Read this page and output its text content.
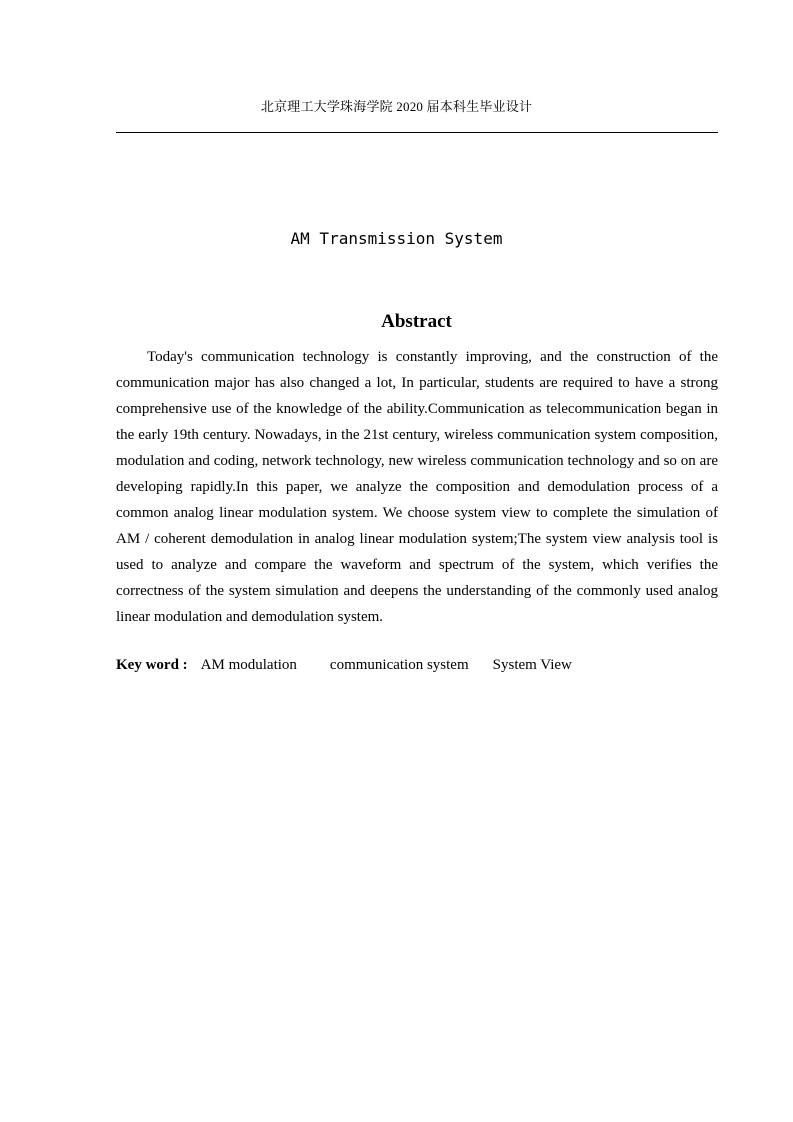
北京理工大学珠海学院 2020 届本科生毕业设计
AM Transmission System
Abstract

Today's communication technology is constantly improving, and the construction of the communication major has also changed a lot, In particular, students are required to have a strong comprehensive use of the knowledge of the ability.Communication as telecommunication began in the early 19th century. Nowadays, in the 21st century, wireless communication system composition, modulation and coding, network technology, new wireless communication technology and so on are developing rapidly.In this paper, we analyze the composition and demodulation process of a common analog linear modulation system. We choose system view to complete the simulation of AM / coherent demodulation in analog linear modulation system;The system view analysis tool is used to analyze and compare the waveform and spectrum of the system, which verifies the correctness of the system simulation and deepens the understanding of the commonly used analog linear modulation and demodulation system.

Key word : AM modulation communication system System View
